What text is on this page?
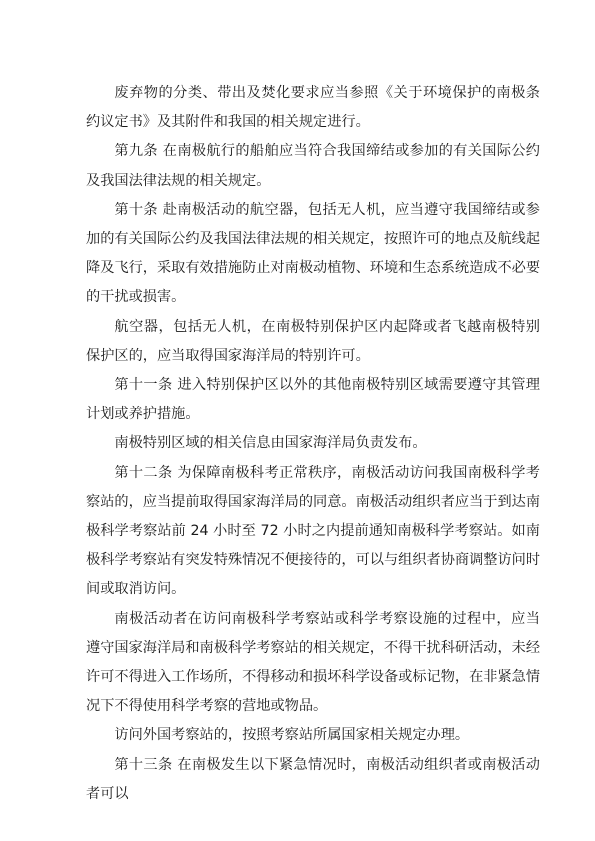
废弃物的分类、带出及焚化要求应当参照《关于环境保护的南极条约议定书》及其附件和我国的相关规定进行。

第九条 在南极航行的船舶应当符合我国缔结或参加的有关国际公约及我国法律法规的相关规定。

第十条 赴南极活动的航空器，包括无人机，应当遵守我国缔结或参加的有关国际公约及我国法律法规的相关规定，按照许可的地点及航线起降及飞行，采取有效措施防止对南极动植物、环境和生态系统造成不必要的干扰或损害。

航空器，包括无人机，在南极特别保护区内起降或者飞越南极特别保护区的，应当取得国家海洋局的特别许可。

第十一条 进入特别保护区以外的其他南极特别区域需要遵守其管理计划或养护措施。

南极特别区域的相关信息由国家海洋局负责发布。

第十二条 为保障南极科考正常秩序，南极活动访问我国南极科学考察站的，应当提前取得国家海洋局的同意。南极活动组织者应当于到达南极科学考察站前 24 小时至 72 小时之内提前通知南极科学考察站。如南极科学考察站有突发特殊情况不便接待的，可以与组织者协商调整访问时间或取消访问。

南极活动者在访问南极科学考察站或科学考察设施的过程中，应当遵守国家海洋局和南极科学考察站的相关规定，不得干扰科研活动，未经许可不得进入工作场所，不得移动和损坏科学设备或标记物，在非紧急情况下不得使用科学考察的营地或物品。

访问外国考察站的，按照考察站所属国家相关规定办理。

第十三条 在南极发生以下紧急情况时，南极活动组织者或南极活动者可以
